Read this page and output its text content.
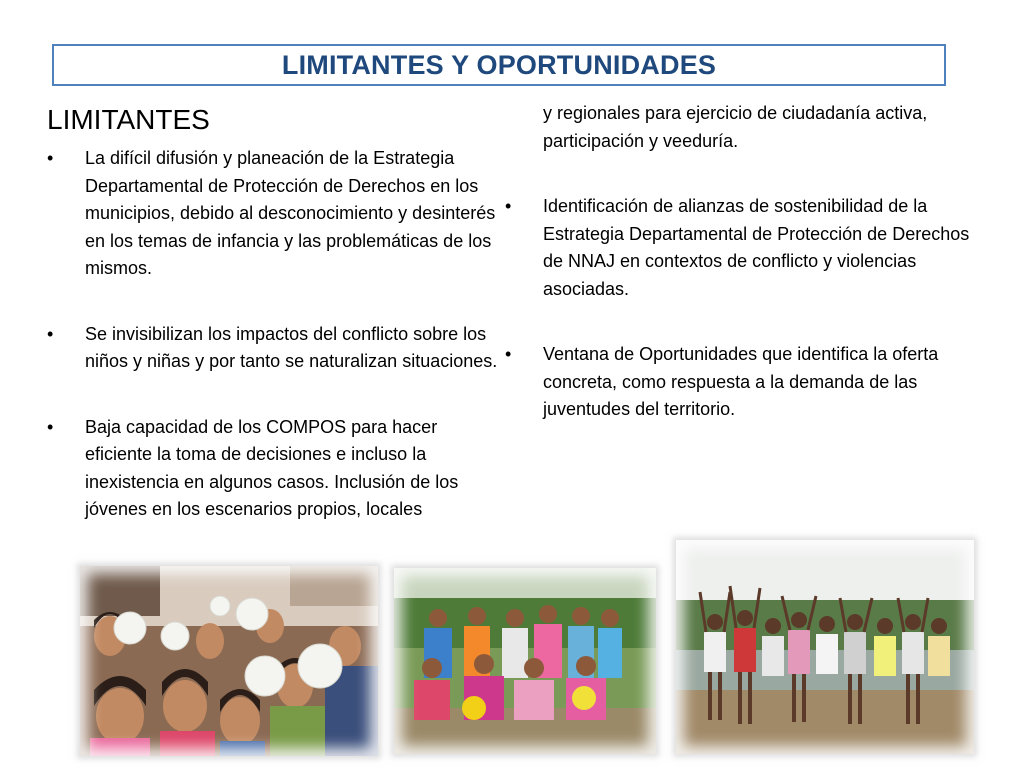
LIMITANTES Y OPORTUNIDADES
LIMITANTES
• La difícil difusión y planeación de la Estrategia Departamental de Protección de Derechos en los municipios, debido al desconocimiento y desinterés en los temas de infancia y las problemáticas de los mismos.
• Se invisibilizan los impactos del conflicto sobre los niños y niñas y por tanto se naturalizan situaciones.
• Baja capacidad de los COMPOS para hacer eficiente la toma de decisiones e incluso la inexistencia en algunos casos. Inclusión de los jóvenes en los escenarios propios, locales
y regionales para ejercicio de ciudadanía activa, participación y veeduría.
• Identificación de alianzas de sostenibilidad de la Estrategia Departamental de Protección de Derechos de NNAJ en contextos de conflicto y violencias asociadas.
• Ventana de Oportunidades que identifica la oferta concreta, como respuesta a la demanda de las juventudes del territorio.
